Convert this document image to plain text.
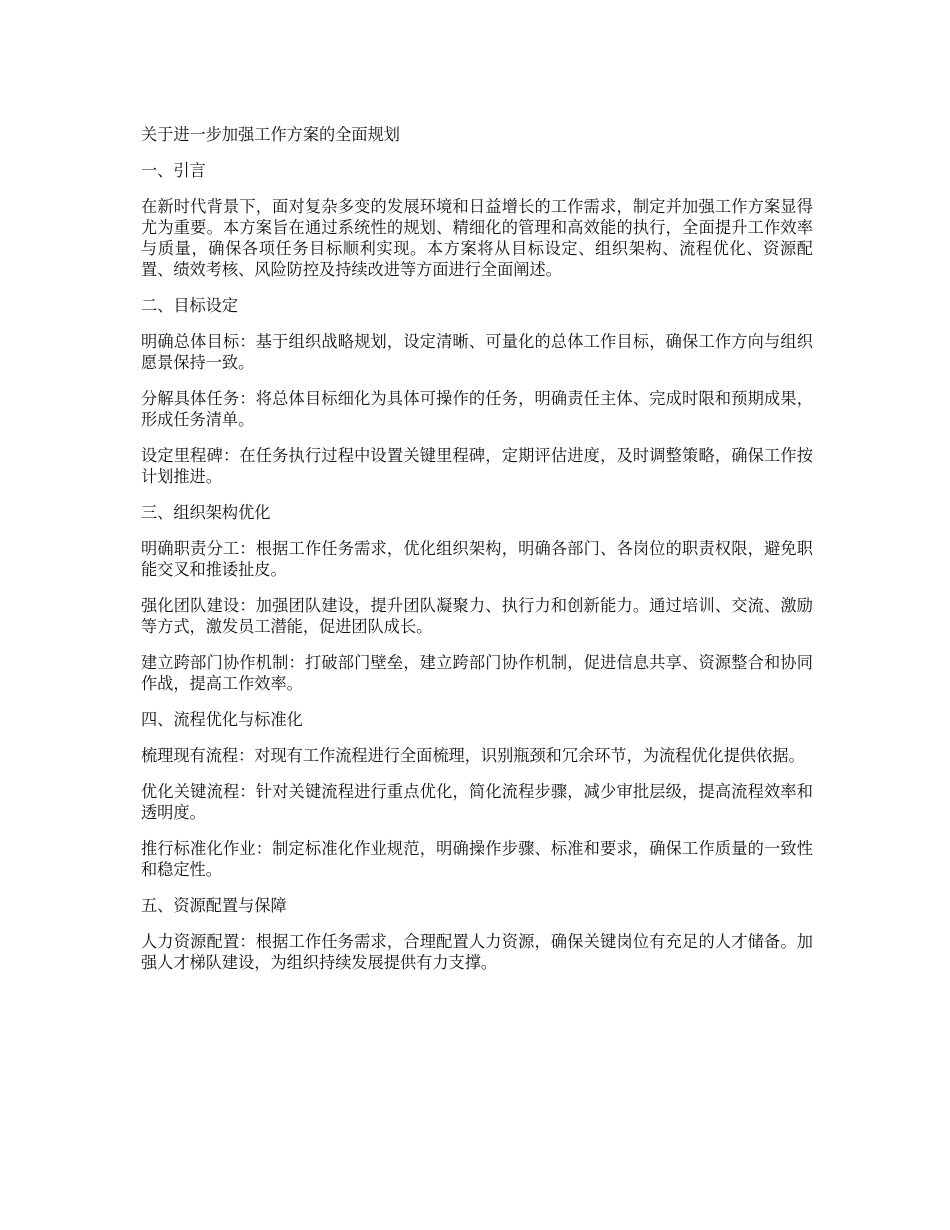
关于进一步加强工作方案的全面规划

一、引言

在新时代背景下，面对复杂多变的发展环境和日益增长的工作需求，制定并加强工作方案显得尤为重要。本方案旨在通过系统性的规划、精细化的管理和高效能的执行，全面提升工作效率与质量，确保各项任务目标顺利实现。本方案将从目标设定、组织架构、流程优化、资源配置、绩效考核、风险防控及持续改进等方面进行全面阐述。

二、目标设定

明确总体目标：基于组织战略规划，设定清晰、可量化的总体工作目标，确保工作方向与组织愿景保持一致。

分解具体任务：将总体目标细化为具体可操作的任务，明确责任主体、完成时限和预期成果，形成任务清单。

设定里程碑：在任务执行过程中设置关键里程碑，定期评估进度，及时调整策略，确保工作按计划推进。

三、组织架构优化

明确职责分工：根据工作任务需求，优化组织架构，明确各部门、各岗位的职责权限，避免职能交叉和推诿扯皮。

强化团队建设：加强团队建设，提升团队凝聚力、执行力和创新能力。通过培训、交流、激励等方式，激发员工潜能，促进团队成长。

建立跨部门协作机制：打破部门壁垒，建立跨部门协作机制，促进信息共享、资源整合和协同作战，提高工作效率。

四、流程优化与标准化

梳理现有流程：对现有工作流程进行全面梳理，识别瓶颈和冗余环节，为流程优化提供依据。

优化关键流程：针对关键流程进行重点优化，简化流程步骤，减少审批层级，提高流程效率和透明度。

推行标准化作业：制定标准化作业规范，明确操作步骤、标准和要求，确保工作质量的一致性和稳定性。

五、资源配置与保障

人力资源配置：根据工作任务需求，合理配置人力资源，确保关键岗位有充足的人才储备。加强人才梯队建设，为组织持续发展提供有力支撑。
